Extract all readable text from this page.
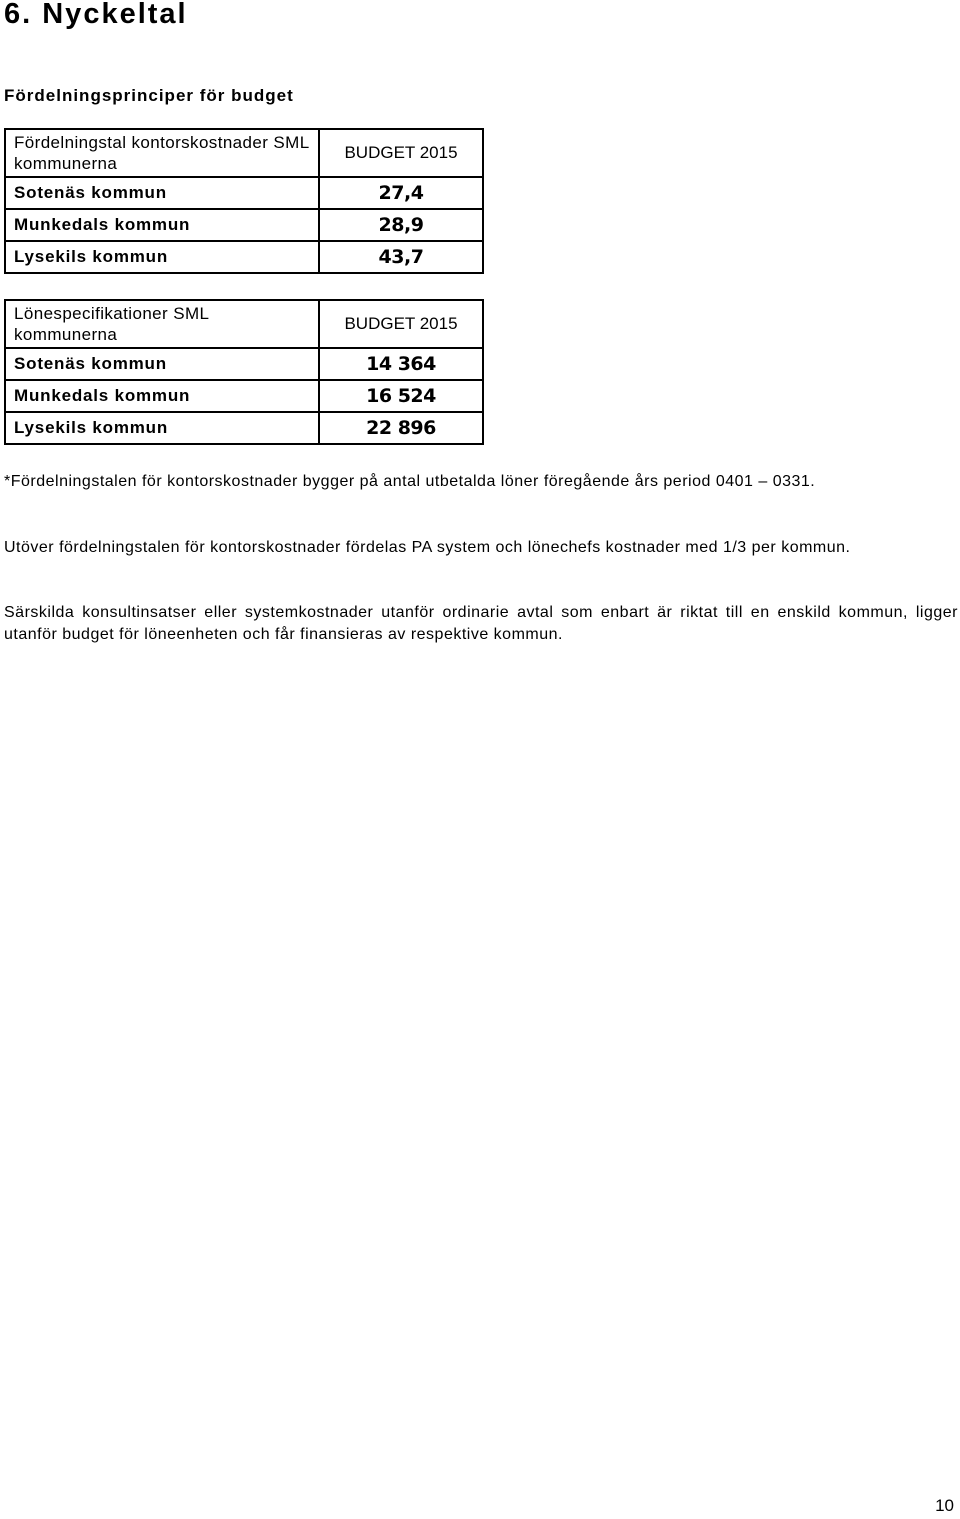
6. Nyckeltal
Fördelningsprinciper för budget
Fördelningstal kontorskostnader SML kommunerna	BUDGET 2015
Sotenäs kommun	27,4
Munkedals kommun	28,9
Lysekils kommun	43,7
Lönespecifikationer SML kommunerna	BUDGET 2015
Sotenäs kommun	14 364
Munkedals kommun	16 524
Lysekils kommun	22 896

*Fördelningstalen för kontorskostnader bygger på antal utbetalda löner föregående års period 0401 – 0331.

Utöver fördelningstalen för kontorskostnader fördelas PA system och lönechefs kostnader med 1/3 per kommun.

Särskilda konsultinsatser eller systemkostnader utanför ordinarie avtal som enbart är riktat till en enskild kommun, ligger utanför budget för löneenheten och får finansieras av respektive kommun.

10
